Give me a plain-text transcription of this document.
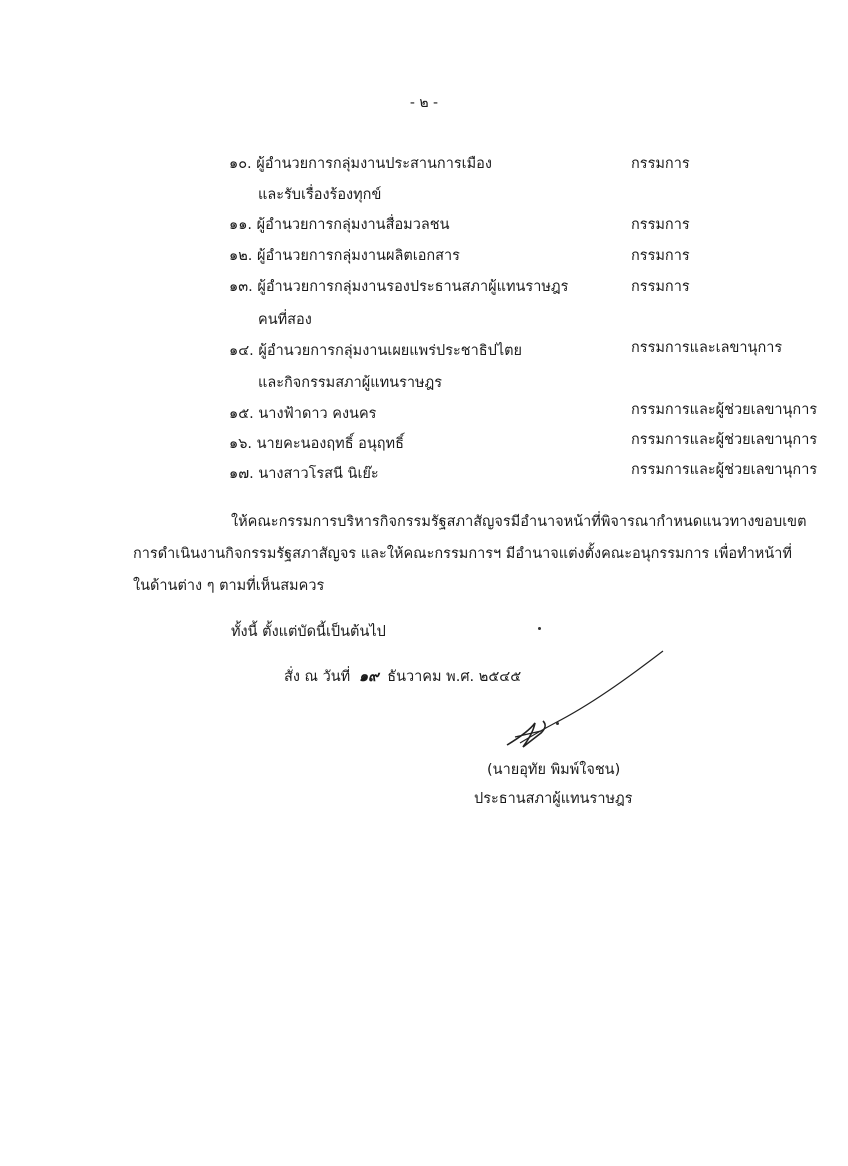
- ๒ -
๑๐. ผู้อำนวยการกลุ่มงานประสานการเมือง	กรรมการ
และรับเรื่องร้องทุกข์
๑๑. ผู้อำนวยการกลุ่มงานสื่อมวลชน	กรรมการ
๑๒. ผู้อำนวยการกลุ่มงานผลิตเอกสาร	กรรมการ
๑๓. ผู้อำนวยการกลุ่มงานรองประธานสภาผู้แทนราษฎร	กรรมการ
คนที่สอง
๑๔. ผู้อำนวยการกลุ่มงานเผยแพร่ประชาธิปไตย	กรรมการและเลขานุการ
และกิจกรรมสภาผู้แทนราษฎร
๑๕. นางฟ้าดาว คงนคร	กรรมการและผู้ช่วยเลขานุการ
๑๖. นายคะนองฤทธิ์ อนุฤทธิ์	กรรมการและผู้ช่วยเลขานุการ
๑๗. นางสาวโรสนี นิเย๊ะ	กรรมการและผู้ช่วยเลขานุการ
ให้คณะกรรมการบริหารกิจกรรมรัฐสภาสัญจรมีอำนาจหน้าที่พิจารณากำหนดแนวทางขอบเขต
การดำเนินงานกิจกรรมรัฐสภาสัญจร และให้คณะกรรมการฯ มีอำนาจแต่งตั้งคณะอนุกรรมการ เพื่อทำหน้าที่
ในด้านต่าง ๆ ตามที่เห็นสมควร
ทั้งนี้ ตั้งแต่บัดนี้เป็นต้นไป
สั่ง ณ วันที่ ๑๙ ธันวาคม พ.ศ. ๒๕๔๕
(นายอุทัย พิมพ์ใจชน)
ประธานสภาผู้แทนราษฎร
